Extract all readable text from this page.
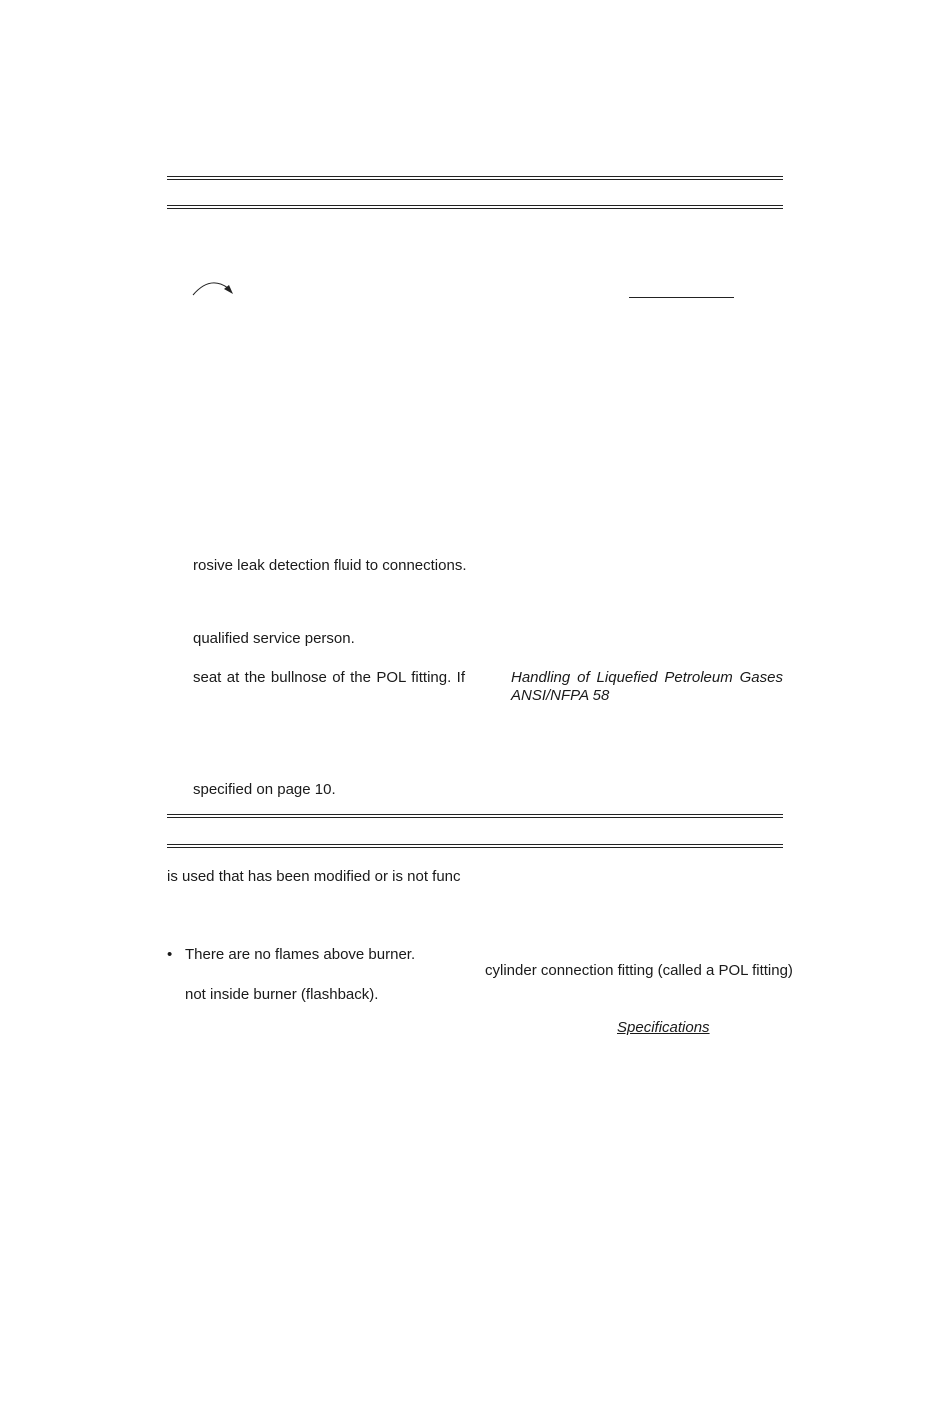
rosive leak detection fluid to connections.
qualified service person.
seat at the bullnose of the POL fitting. If
specified on page 10.
Handling of Liquefied Petroleum Gases
ANSI/NFPA 58
is used that has been modified or is not func
• There are no flames above burner.
not inside burner (flashback).
cylinder connection fitting (called a POL fitting)
Specifications
